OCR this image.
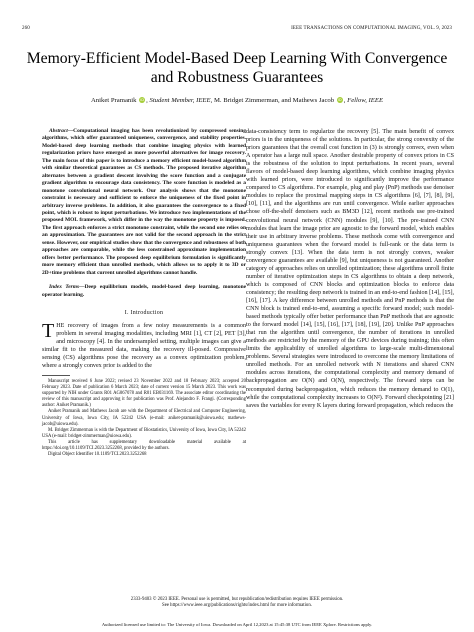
260	IEEE TRANSACTIONS ON COMPUTATIONAL IMAGING, VOL. 9, 2023
Memory-Efficient Model-Based Deep Learning With Convergence and Robustness Guarantees
Aniket Pramanik iD , Student Member, IEEE, M. Bridget Zimmerman, and Mathews Jacob iD , Fellow, IEEE

Abstract—Computational imaging has been revolutionized by compressed sensing algorithms, which offer guaranteed uniqueness, convergence, and stability properties. Model-based deep learning methods that combine imaging physics with learned regularization priors have emerged as more powerful alternatives for image recovery. The main focus of this paper is to introduce a memory efficient model-based algorithm with similar theoretical guarantees as CS methods. The proposed iterative algorithm alternates between a gradient descent involving the score function and a conjugate gradient algorithm to encourage data consistency. The score function is modeled as a monotone convolutional neural network. Our analysis shows that the monotone constraint is necessary and sufficient to enforce the uniqueness of the fixed point in arbitrary inverse problems. In addition, it also guarantees the convergence to a fixed point, which is robust to input perturbations. We introduce two implementations of the proposed MOL framework, which differ in the way the monotone property is imposed. The first approach enforces a strict monotone constraint, while the second one relies on an approximation. The guarantees are not valid for the second approach in the strict sense. However, our empirical studies show that the convergence and robustness of both approaches are comparable, while the less constrained approximate implementation offers better performance. The proposed deep equilibrium formulation is significantly more memory efficient than unrolled methods, which allows us to apply it to 3D or 2D+time problems that current unrolled algorithms cannot handle.

Index Terms—Deep equilibrium models, model-based deep learning, monotone operator learning.

I. Introduction

THE recovery of images from a few noisy measurements is a common problem in several imaging modalities, including MRI [1], CT [2], PET [3], and microscopy [4]. In the undersampled setting, multiple images can give a similar fit to the measured data, making the recovery ill-posed. Compressive sensing (CS) algorithms pose the recovery as a convex optimization problem, where a strongly convex prior is added to the

Manuscript received 6 June 2022; revised 23 November 2022 and 18 February 2023; accepted 20 February 2023. Date of publication 6 March 2023; date of current version 15 March 2023. This work was supported by NIH under Grants R01 AG067078 and R01 EB031169. The associate editor coordinating the review of this manuscript and approving it for publication was Prof. Alejandro F. Frangi. (Corresponding author: Aniket Pramanik.)

Aniket Pramanik and Mathews Jacob are with the Department of Electrical and Computer Engineering, University of Iowa, Iowa City, IA 52242 USA (e-mail: aniket-pramanik@uiowa.edu; mathews-jacob@uiowa.edu).

M. Bridget Zimmerman is with the Department of Biostatistics, University of Iowa, Iowa City, IA 52242 USA (e-mail: bridget-zimmerman@uiowa.edu).

This article has supplementary downloadable material available at https://doi.org/10.1109/TCI.2023.3252268, provided by the authors.

Digital Object Identifier 10.1109/TCI.2023.3252268

data-consistency term to regularize the recovery [5]. The main benefit of convex priors is in the uniqueness of the solutions. In particular, the strong convexity of the priors guarantees that the overall cost function in (3) is strongly convex, even when A operator has a large null space. Another desirable property of convex priors in CS is the robustness of the solution to input perturbations. In recent years, several flavors of model-based deep learning algorithms, which combine imaging physics with learned priors, were introduced to significantly improve the performance compared to CS algorithms. For example, plug and play (PnP) methods use denoiser modules to replace the proximal mapping steps in CS algorithms [6], [7], [8], [9], [10], [11], and the algorithms are run until convergence. While earlier approaches chose off-the-shelf denoisers such as BM3D [12], recent methods use pre-trained convolutional neural network (CNN) modules [9], [10]. The pre-trained CNN modules that learn the image prior are agnostic to the forward model, which enables their use in arbitrary inverse problems. These methods come with convergence and uniqueness guarantees when the forward model is full-rank or the data term is strongly convex [13]. When the data term is not strongly convex, weaker convergence guarantees are available [9], but uniqueness is not guaranteed. Another category of approaches relies on unrolled optimization; these algorithms unroll finite number of iterative optimization steps in CS algorithms to obtain a deep network, which is composed of CNN blocks and optimization blocks to enforce data consistency; the resulting deep network is trained in an end-to-end fashion [14], [15], [16], [17]. A key difference between unrolled methods and PnP methods is that the CNN block is trained end-to-end, assuming a specific forward model; such model-based methods typically offer better performance than PnP methods that are agnostic to the forward model [14], [15], [16], [17], [18], [19], [20]. Unlike PnP approaches that run the algorithm until convergence, the number of iterations in unrolled methods are restricted by the memory of the GPU devices during training; this often limits the applicability of unrolled algorithms to large-scale multi-dimensional problems. Several strategies were introduced to overcome the memory limitations of unrolled methods. For an unrolled network with N iterations and shared CNN modules across iterations, the computational complexity and memory demand of backpropagation are O(N) and O(N), respectively. The forward steps can be recomputed during backpropagation, which reduces the memory demand to O(1), while the computational complexity increases to O(N²). Forward checkpointing [21] saves the variables for every K layers during forward propagation, which reduces the

2333-9403 © 2023 IEEE. Personal use is permitted, but republication/redistribution requires IEEE permission.
See https://www.ieee.org/publications/rights/index.html for more information.
Authorized licensed use limited to: The University of Iowa. Downloaded on April 12,2023 at 15:45:38 UTC from IEEE Xplore. Restrictions apply.
